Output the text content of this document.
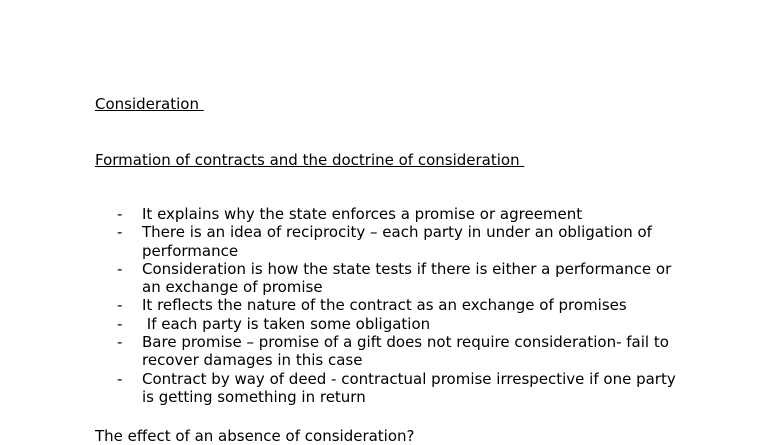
Consideration
Formation of contracts and the doctrine of consideration
- It explains why the state enforces a promise or agreement
- There is an idea of reciprocity – each party in under an obligation of performance
- Consideration is how the state tests if there is either a performance or an exchange of promise
- It reflects the nature of the contract as an exchange of promises
- If each party is taken some obligation
- Bare promise – promise of a gift does not require consideration- fail to recover damages in this case
- Contract by way of deed - contractual promise irrespective if one party is getting something in return

The effect of an absence of consideration?
